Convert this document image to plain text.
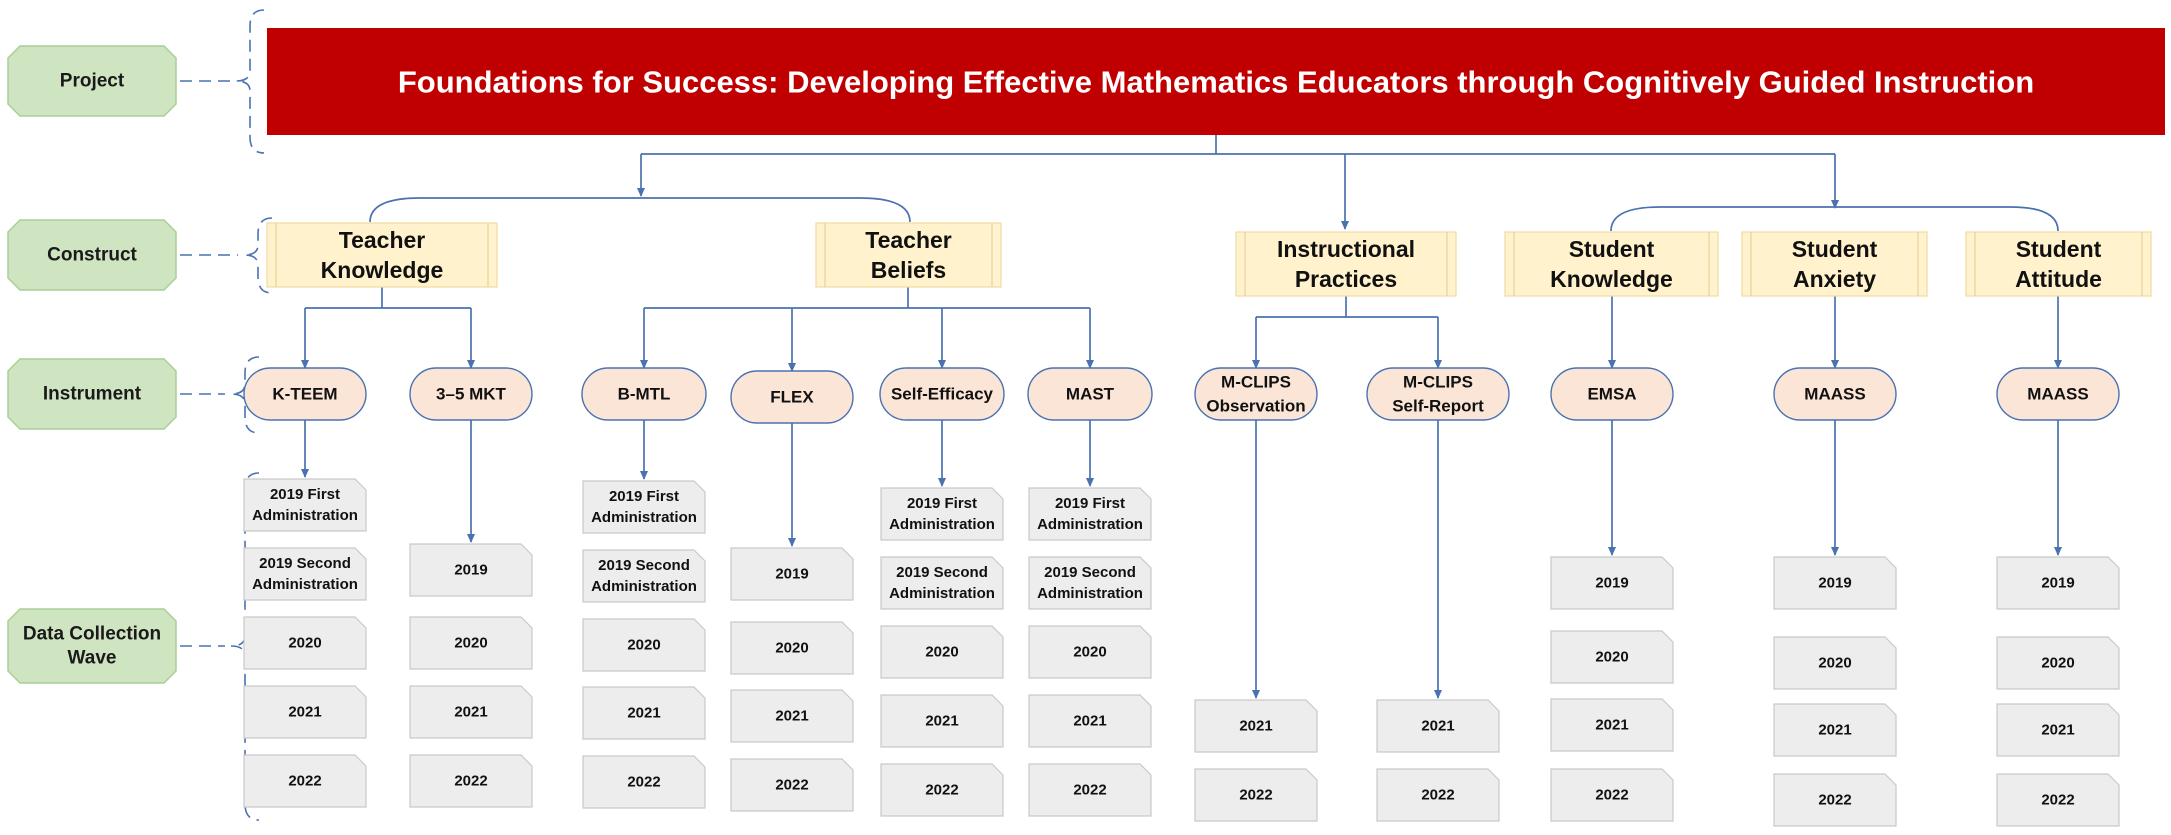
Project
Construct
Instrument
Data Collection
Wave
Foundations for Success: Developing Effective Mathematics Educators through Cognitively Guided Instruction
Teacher
Knowledge
Teacher
Beliefs
Instructional
Practices
Student
Knowledge
Student
Anxiety
Student
Attitude
K-TEEM	3–5 MKT	B-MTL	FLEX	Self-Efficacy	MAST
M-CLIPS
Observation
M-CLIPS
Self-Report
EMSA	MAASS	MAASS
2019 First
Administration
2019 Second
Administration
2020
2021
2022
2019
2020
2021
2022
2019 First
Administration
2019 Second
Administration
2020
2021
2022
2019
2020
2021
2022
2019 First
Administration
2019 Second
Administration
2020
2021
2022
2019 First
Administration
2019 Second
Administration
2020
2021
2022
2021
2022
2021
2022
2019
2020
2021
2022
2019
2020
2021
2022
2019
2020
2021
2022
